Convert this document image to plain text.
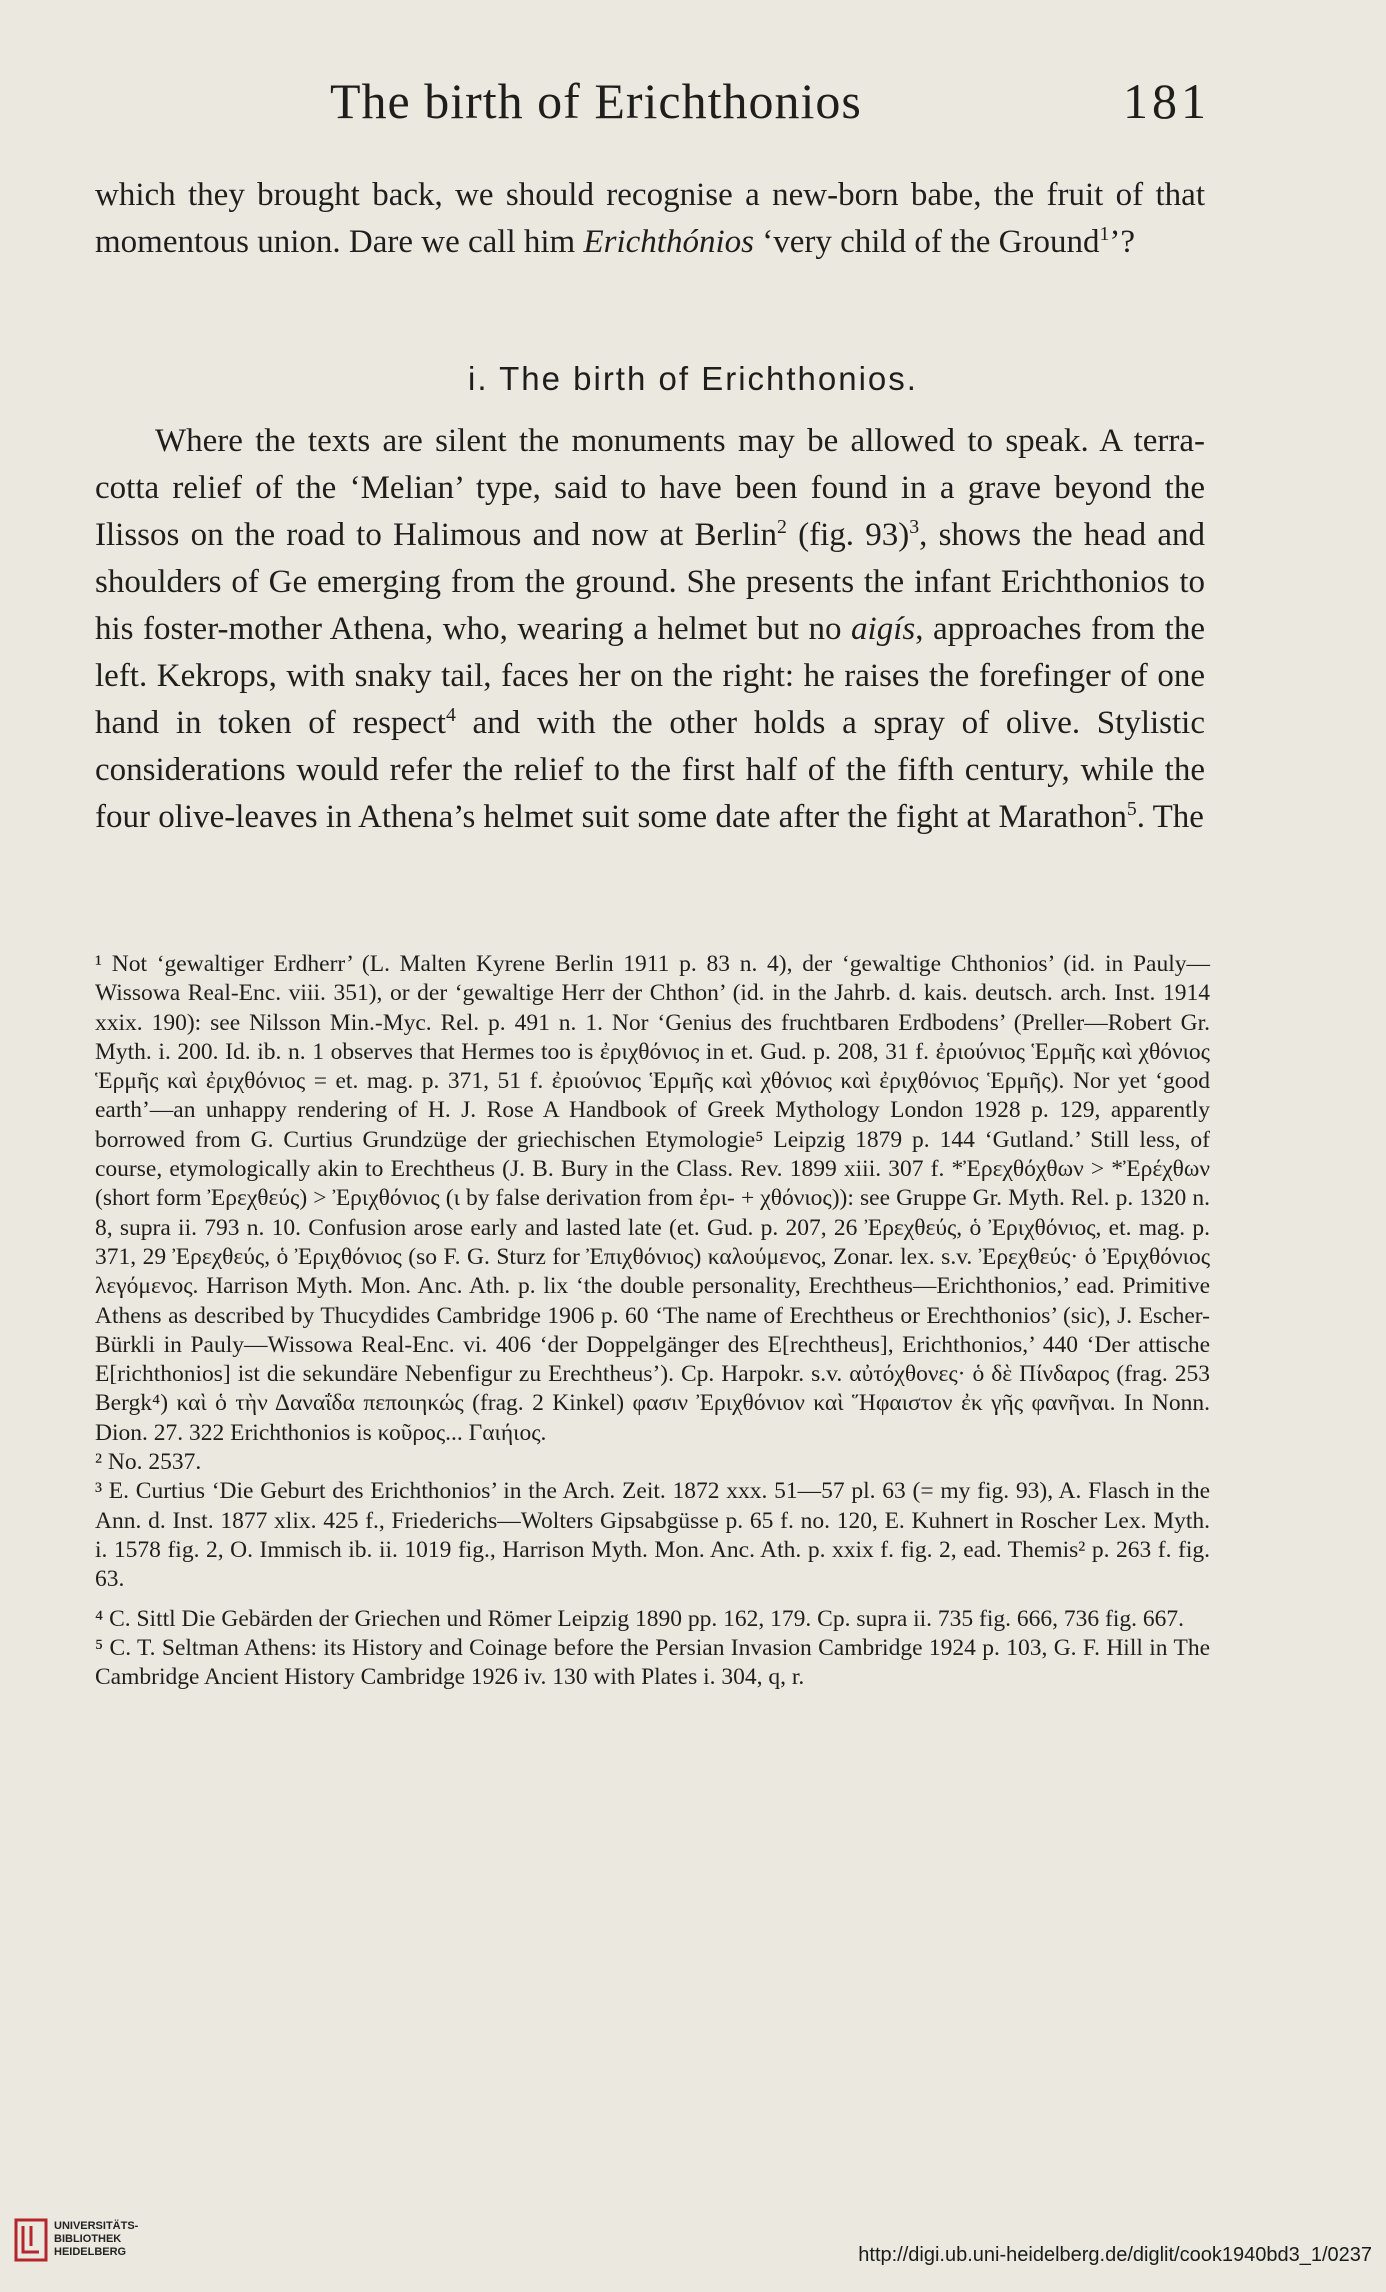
The birth of Erichthonios	181
which they brought back, we should recognise a new-born babe, the fruit of that momentous union. Dare we call him Erichthónios ‘very child of the Ground$^1$’?
i. The birth of Erichthonios.
Where the texts are silent the monuments may be allowed to speak. A terra-cotta relief of the ‘Melian’ type, said to have been found in a grave beyond the Ilissos on the road to Halimous and now at Berlin$^2$ (fig. 93)$^3$, shows the head and shoulders of Ge emerging from the ground. She presents the infant Erichthonios to his foster-mother Athena, who, wearing a helmet but no aigís, approaches from the left. Kekrops, with snaky tail, faces her on the right: he raises the forefinger of one hand in token of respect$^4$ and with the other holds a spray of olive. Stylistic considerations would refer the relief to the first half of the fifth century, while the four olive-leaves in Athena’s helmet suit some date after the fight at Marathon$^5$. The

¹ Not ‘gewaltiger Erdherr’ (L. Malten Kyrene Berlin 1911 p. 83 n. 4), der ‘gewaltige Chthonios’ (id. in Pauly—Wissowa Real-Enc. viii. 351), or der ‘gewaltige Herr der Chthon’ (id. in the Jahrb. d. kais. deutsch. arch. Inst. 1914 xxix. 190): see Nilsson Min.-Myc. Rel. p. 491 n. 1. Nor ‘Genius des fruchtbaren Erdbodens’ (Preller—Robert Gr. Myth. i. 200. Id. ib. n. 1 observes that Hermes too is ἐριχθόνιος in et. Gud. p. 208, 31 f. ἐριούνιος Ἑρμῆς καὶ χθόνιος Ἑρμῆς καὶ ἐριχθόνιος = et. mag. p. 371, 51 f. ἐριούνιος Ἑρμῆς καὶ χθόνιος καὶ ἐριχθόνιος Ἑρμῆς). Nor yet ‘good earth’—an unhappy rendering of H. J. Rose A Handbook of Greek Mythology London 1928 p. 129, apparently borrowed from G. Curtius Grundzüge der griechischen Etymologie⁵ Leipzig 1879 p. 144 ‘Gutland.’ Still less, of course, etymologically akin to Erechtheus (J. B. Bury in the Class. Rev. 1899 xiii. 307 f. *Ἐρεχθόχθων > *Ἐρέχθων (short form Ἐρεχθεύς) > Ἐριχθόνιος (ι by false derivation from ἐρι- + χθόνιος)): see Gruppe Gr. Myth. Rel. p. 1320 n. 8, supra ii. 793 n. 10. Confusion arose early and lasted late (et. Gud. p. 207, 26 Ἐρεχθεύς, ὁ Ἐριχθόνιος, et. mag. p. 371, 29 Ἐρεχθεύς, ὁ Ἐριχθόνιος (so F. G. Sturz for Ἐπιχθόνιος) καλούμενος, Zonar. lex. s.v. Ἐρεχθεύς· ὁ Ἐριχθόνιος λεγόμενος. Harrison Myth. Mon. Anc. Ath. p. lix ‘the double personality, Erechtheus—Erichthonios,’ ead. Primitive Athens as described by Thucydides Cambridge 1906 p. 60 ‘The name of Erechtheus or Erechthonios’ (sic), J. Escher-Bürkli in Pauly—Wissowa Real-Enc. vi. 406 ‘der Doppelgänger des E[rechtheus], Erichthonios,’ 440 ‘Der attische E[richthonios] ist die sekundäre Nebenfigur zu Erechtheus’). Cp. Harpokr. s.v. αὐτόχθονες· ὁ δὲ Πίνδαρος (frag. 253 Bergk⁴) καὶ ὁ τὴν Δαναΐδα πεποιηκώς (frag. 2 Kinkel) φασιν Ἐριχθόνιον καὶ Ἥφαιστον ἐκ γῆς φανῆναι. In Nonn. Dion. 27. 322 Erichthonios is κοῦρος... Γαιήιος.

² No. 2537.

³ E. Curtius ‘Die Geburt des Erichthonios’ in the Arch. Zeit. 1872 xxx. 51—57 pl. 63 (= my fig. 93), A. Flasch in the Ann. d. Inst. 1877 xlix. 425 f., Friederichs—Wolters Gipsabgüsse p. 65 f. no. 120, E. Kuhnert in Roscher Lex. Myth. i. 1578 fig. 2, O. Immisch ib. ii. 1019 fig., Harrison Myth. Mon. Anc. Ath. p. xxix f. fig. 2, ead. Themis² p. 263 f. fig. 63.

⁴ C. Sittl Die Gebärden der Griechen und Römer Leipzig 1890 pp. 162, 179. Cp. supra ii. 735 fig. 666, 736 fig. 667.

⁵ C. T. Seltman Athens: its History and Coinage before the Persian Invasion Cambridge 1924 p. 103, G. F. Hill in The Cambridge Ancient History Cambridge 1926 iv. 130 with Plates i. 304, q, r.

UNIVERSITÄTS-
BIBLIOTHEK
HEIDELBERG	http://digi.ub.uni-heidelberg.de/diglit/cook1940bd3_1/0237
